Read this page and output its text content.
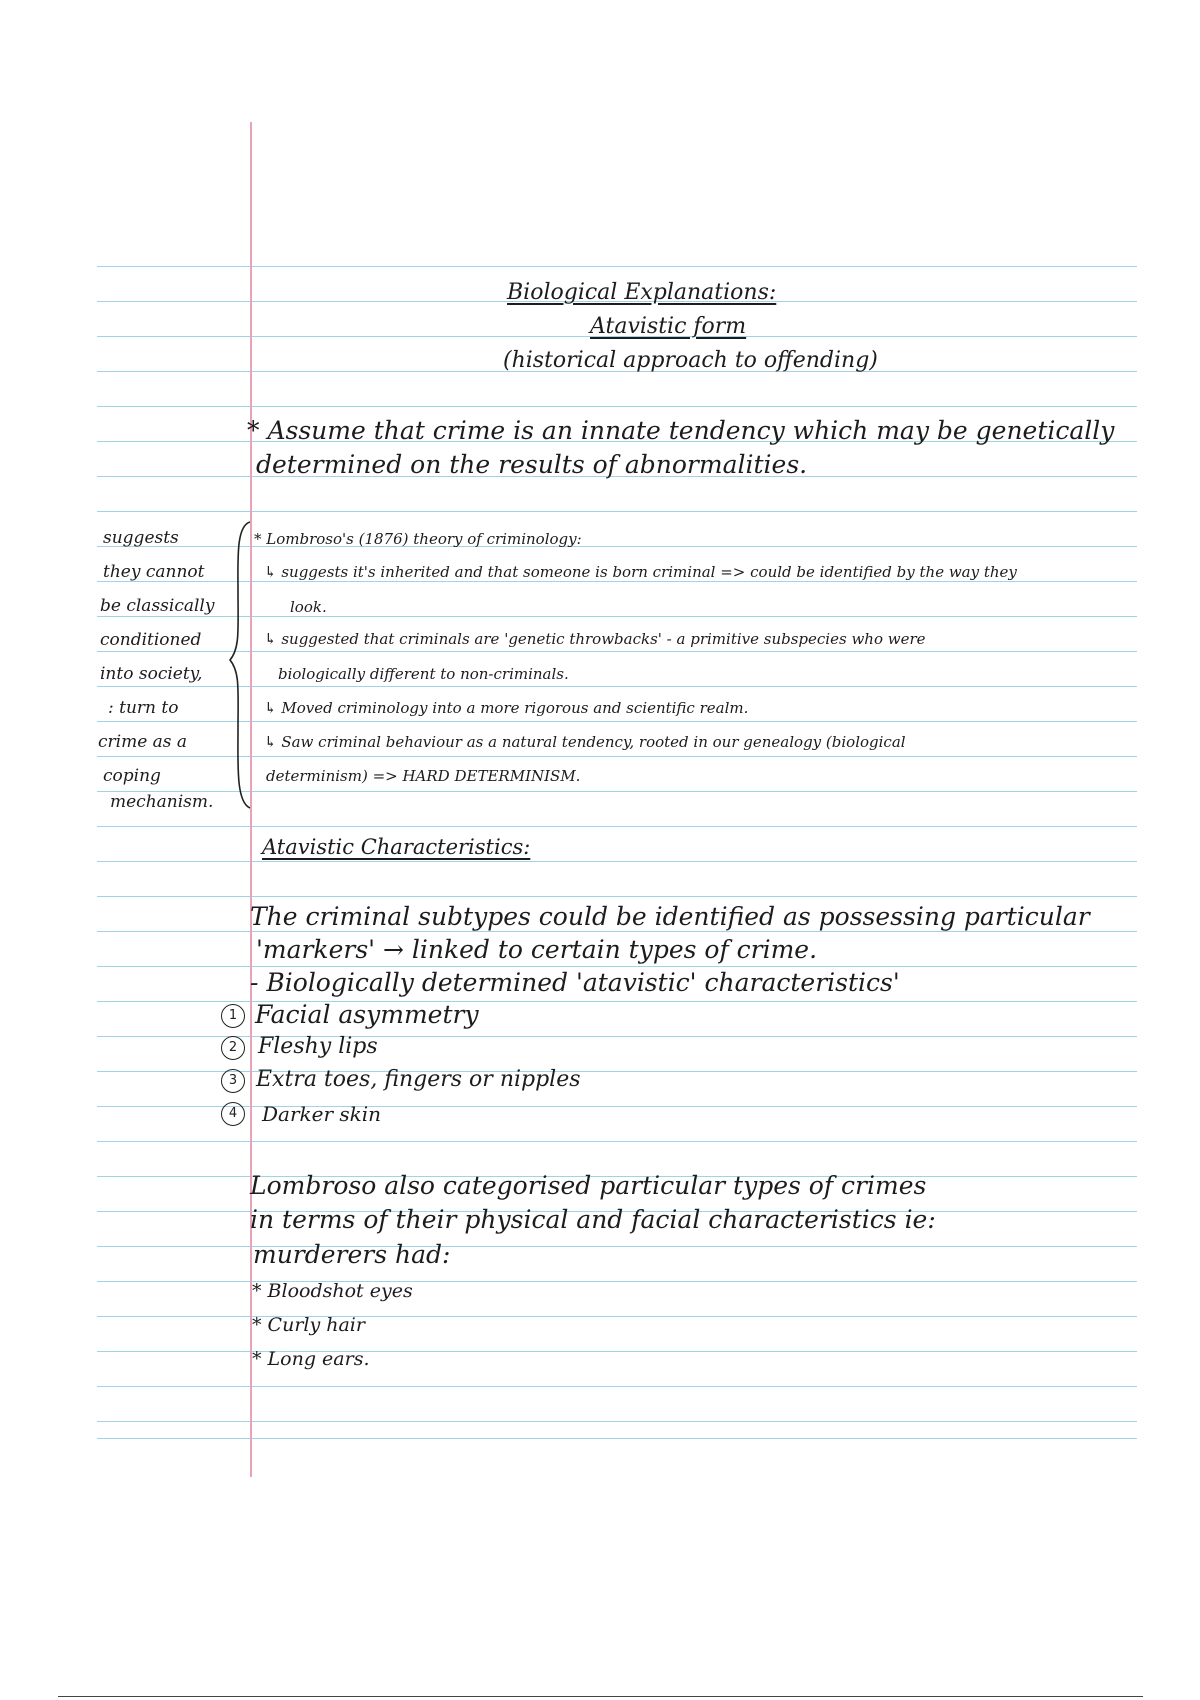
Biological Explanations:
Atavistic form
(historical approach to offending)
* Assume that crime is an innate tendency which may be genetically
determined on the results of abnormalities.
suggests
they cannot
be classically
conditioned
into society,
: turn to
crime as a
coping
mechanism.
* Lombroso's (1876) theory of criminology:
↳ suggests it's inherited and that someone is born criminal => could be identified by the way they
look.
↳ suggested that criminals are 'genetic throwbacks' - a primitive subspecies who were
biologically different to non-criminals.
↳ Moved criminology into a more rigorous and scientific realm.
↳ Saw criminal behaviour as a natural tendency, rooted in our genealogy (biological
determinism) => HARD DETERMINISM.
Atavistic Characteristics:
The criminal subtypes could be identified as possessing particular
'markers' → linked to certain types of crime.
- Biologically determined 'atavistic' characteristics'
1 Facial asymmetry
2 Fleshy lips
3 Extra toes, fingers or nipples
4	Darker skin
Lombroso also categorised particular types of crimes
in terms of their physical and facial characteristics ie:
murderers had:
* Bloodshot eyes
* Curly hair
* Long ears.
